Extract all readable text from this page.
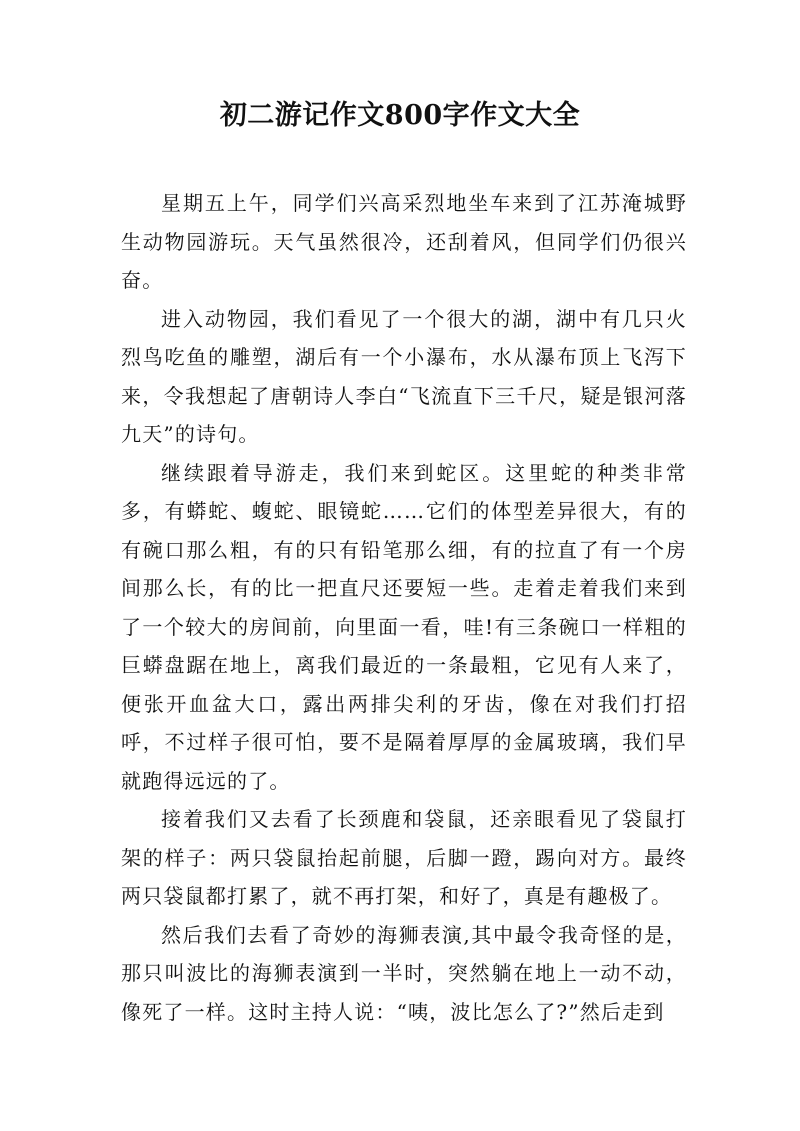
初二游记作文800字作文大全

星期五上午，同学们兴高采烈地坐车来到了江苏淹城野生动物园游玩。天气虽然很冷，还刮着风，但同学们仍很兴奋。

进入动物园，我们看见了一个很大的湖，湖中有几只火烈鸟吃鱼的雕塑，湖后有一个小瀑布，水从瀑布顶上飞泻下来，令我想起了唐朝诗人李白“飞流直下三千尺，疑是银河落九天”的诗句。

继续跟着导游走，我们来到蛇区。这里蛇的种类非常多，有蟒蛇、蝮蛇、眼镜蛇……它们的体型差异很大，有的有碗口那么粗，有的只有铅笔那么细，有的拉直了有一个房间那么长，有的比一把直尺还要短一些。走着走着我们来到了一个较大的房间前，向里面一看，哇!有三条碗口一样粗的巨蟒盘踞在地上，离我们最近的一条最粗，它见有人来了，便张开血盆大口，露出两排尖利的牙齿，像在对我们打招呼，不过样子很可怕，要不是隔着厚厚的金属玻璃，我们早就跑得远远的了。

接着我们又去看了长颈鹿和袋鼠，还亲眼看见了袋鼠打架的样子：两只袋鼠抬起前腿，后脚一蹬，踢向对方。最终两只袋鼠都打累了，就不再打架，和好了，真是有趣极了。

然后我们去看了奇妙的海狮表演,其中最令我奇怪的是，那只叫波比的海狮表演到一半时，突然躺在地上一动不动，像死了一样。这时主持人说：“咦，波比怎么了?”然后走到
